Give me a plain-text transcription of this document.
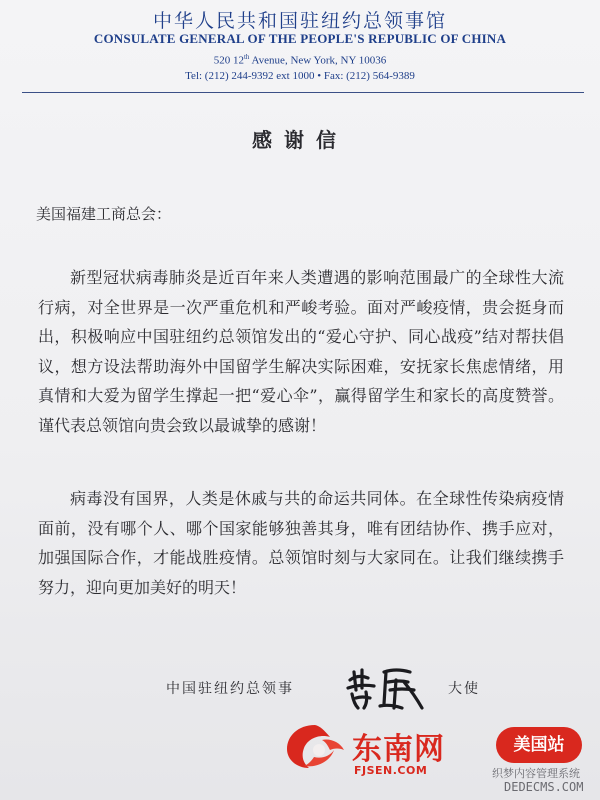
中华人民共和国驻纽约总领事馆
CONSULATE GENERAL OF THE PEOPLE'S REPUBLIC OF CHINA
520 12th Avenue, New York, NY 10036
Tel: (212) 244-9392 ext 1000 • Fax: (212) 564-9389
感谢信
美国福建工商总会：
新型冠状病毒肺炎是近百年来人类遭遇的影响范围最广的全球性大流行病，对全世界是一次严重危机和严峻考验。面对严峻疫情，贵会挺身而出，积极响应中国驻纽约总领馆发出的“爱心守护、同心战疫”结对帮扶倡议，想方设法帮助海外中国留学生解决实际困难，安抚家长焦虑情绪，用真情和大爱为留学生撑起一把“爱心伞”，赢得留学生和家长的高度赞誉。谨代表总领馆向贵会致以最诚挚的感谢！
病毒没有国界，人类是休戚与共的命运共同体。在全球性传染病疫情面前，没有哪个人、哪个国家能够独善其身，唯有团结协作、携手应对，加强国际合作，才能战胜疫情。总领馆时刻与大家同在。让我们继续携手努力，迎向更加美好的明天！
中国驻纽约总领事	大使
东南网
FJSEN.COM
美国站
织梦内容管理系统
DEDECMS.COM
